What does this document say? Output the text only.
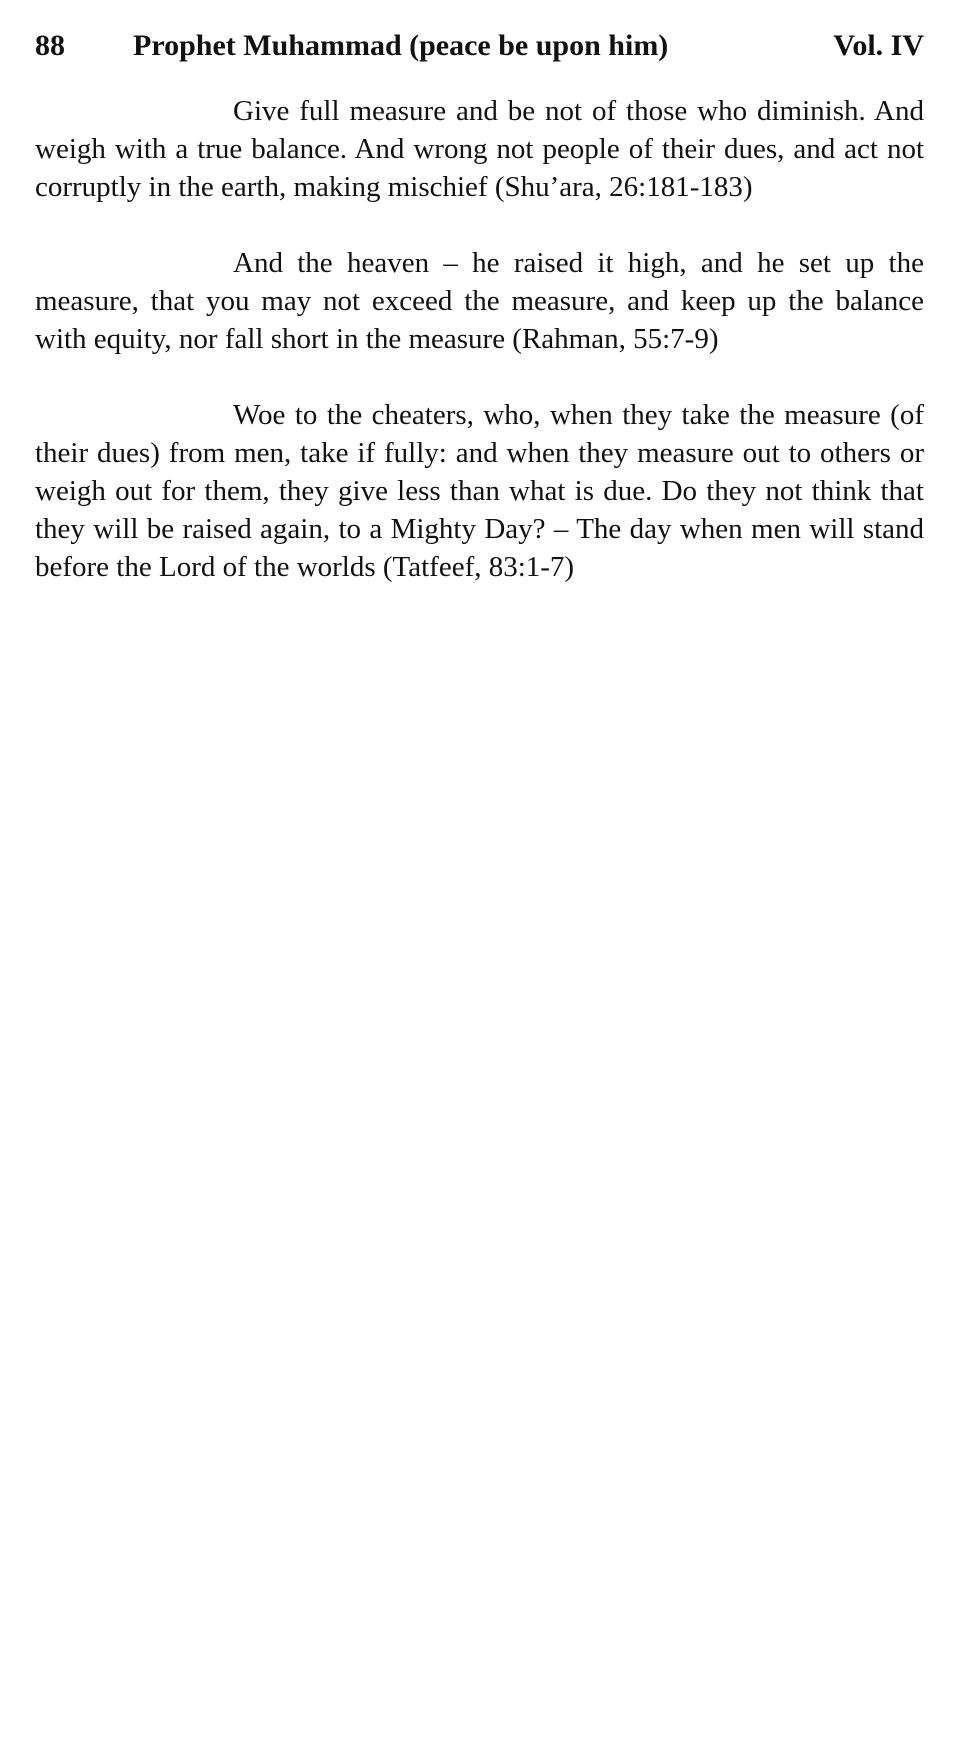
88 Prophet Muhammad (peace be upon him)	Vol. IV

Give full measure and be not of those who diminish. And weigh with a true balance. And wrong not people of their dues, and act not corruptly in the earth, making mischief (Shu’ara, 26:181-183)

And the heaven – he raised it high, and he set up the measure, that you may not exceed the measure, and keep up the balance with equity, nor fall short in the measure (Rahman, 55:7-9)

Woe to the cheaters, who, when they take the measure (of their dues) from men, take if fully: and when they measure out to others or weigh out for them, they give less than what is due. Do they not think that they will be raised again, to a Mighty Day? – The day when men will stand before the Lord of the worlds (Tatfeef, 83:1-7)
